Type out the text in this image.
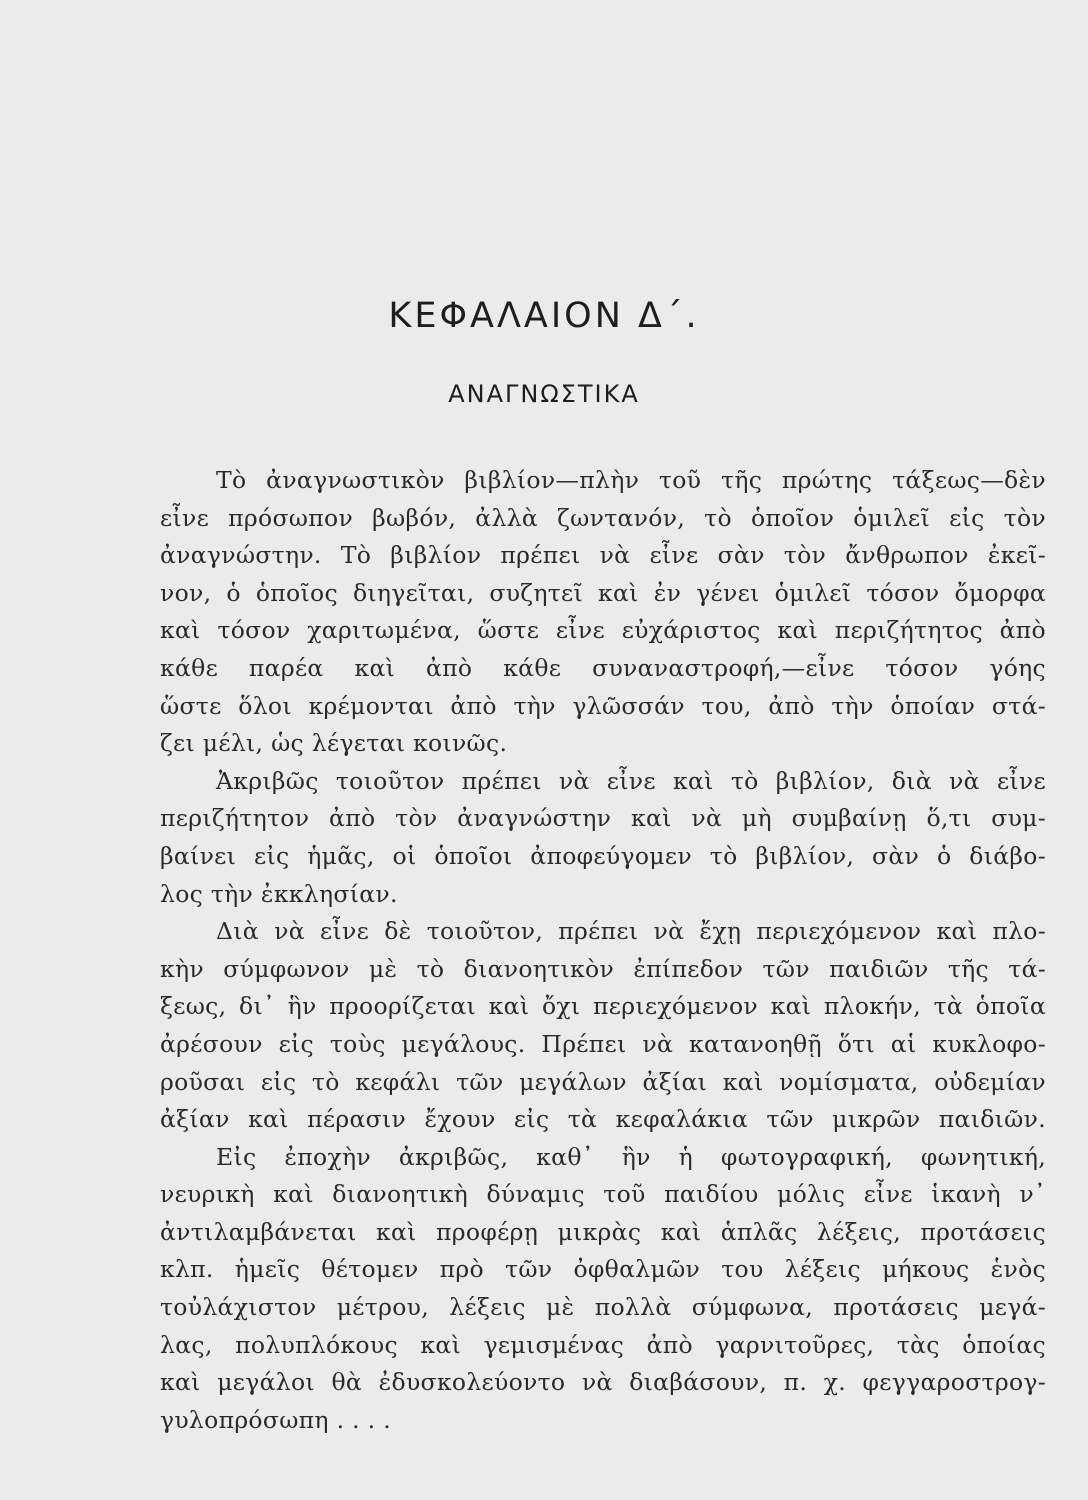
ΚΕΦΑΛΑΙΟΝ Δ΄.
ΑΝΑΓΝΩΣΤΙΚΑ
Τὸ ἀναγνωστικὸν βιβλίον—πλὴν τοῦ τῆς πρώτης τάξεως—δὲν
εἶνε πρόσωπον βωβόν, ἀλλὰ ζωντανόν, τὸ ὁποῖον ὁμιλεῖ εἰς τὸν
ἀναγνώστην. Τὸ βιβλίον πρέπει νὰ εἶνε σὰν τὸν ἄνθρωπον ἐκεῖ-
νον, ὁ ὁποῖος διηγεῖται, συζητεῖ καὶ ἐν γένει ὁμιλεῖ τόσον ὄμορφα
καὶ τόσον χαριτωμένα, ὥστε εἶνε εὐχάριστος καὶ περιζήτητος ἀπὸ
κάθε παρέα καὶ ἀπὸ κάθε συναναστροφή,—εἶνε τόσον γόης
ὥστε ὅλοι κρέμονται ἀπὸ τὴν γλῶσσάν του, ἀπὸ τὴν ὁποίαν στά-
ζει μέλι, ὡς λέγεται κοινῶς.
Ἀκριβῶς τοιοῦτον πρέπει νὰ εἶνε καὶ τὸ βιβλίον, διὰ νὰ εἶνε
περιζήτητον ἀπὸ τὸν ἀναγνώστην καὶ νὰ μὴ συμβαίνῃ ὅ,τι συμ-
βαίνει εἰς ἡμᾶς, οἱ ὁποῖοι ἀποφεύγομεν τὸ βιβλίον, σὰν ὁ διάβο-
λος τὴν ἐκκλησίαν.
Διὰ νὰ εἶνε δὲ τοιοῦτον, πρέπει νὰ ἔχῃ περιεχόμενον καὶ πλο-
κὴν σύμφωνον μὲ τὸ διανοητικὸν ἐπίπεδον τῶν παιδιῶν τῆς τά-
ξεως, δι᾽ ἣν προορίζεται καὶ ὄχι περιεχόμενον καὶ πλοκήν, τὰ ὁποῖα
ἀρέσουν εἰς τοὺς μεγάλους. Πρέπει νὰ κατανοηθῇ ὅτι αἱ κυκλοφο-
ροῦσαι εἰς τὸ κεφάλι τῶν μεγάλων ἀξίαι καὶ νομίσματα, οὐδεμίαν
ἀξίαν καὶ πέρασιν ἔχουν εἰς τὰ κεφαλάκια τῶν μικρῶν παιδιῶν.
Εἰς ἐποχὴν ἀκριβῶς, καθ᾽ ἣν ἡ φωτογραφική, φωνητική,
νευρικὴ καὶ διανοητικὴ δύναμις τοῦ παιδίου μόλις εἶνε ἱκανὴ ν᾽
ἀντιλαμβάνεται καὶ προφέρῃ μικρὰς καὶ ἁπλᾶς λέξεις, προτάσεις
κλπ. ἡμεῖς θέτομεν πρὸ τῶν ὀφθαλμῶν του λέξεις μήκους ἑνὸς
τοὐλάχιστον μέτρου, λέξεις μὲ πολλὰ σύμφωνα, προτάσεις μεγά-
λας, πολυπλόκους καὶ γεμισμένας ἀπὸ γαρνιτοῦρες, τὰς ὁποίας
καὶ μεγάλοι θὰ ἐδυσκολεύοντο νὰ διαβάσουν, π. χ. φεγγαροστρογ-
γυλοπρόσωπη . . . .
